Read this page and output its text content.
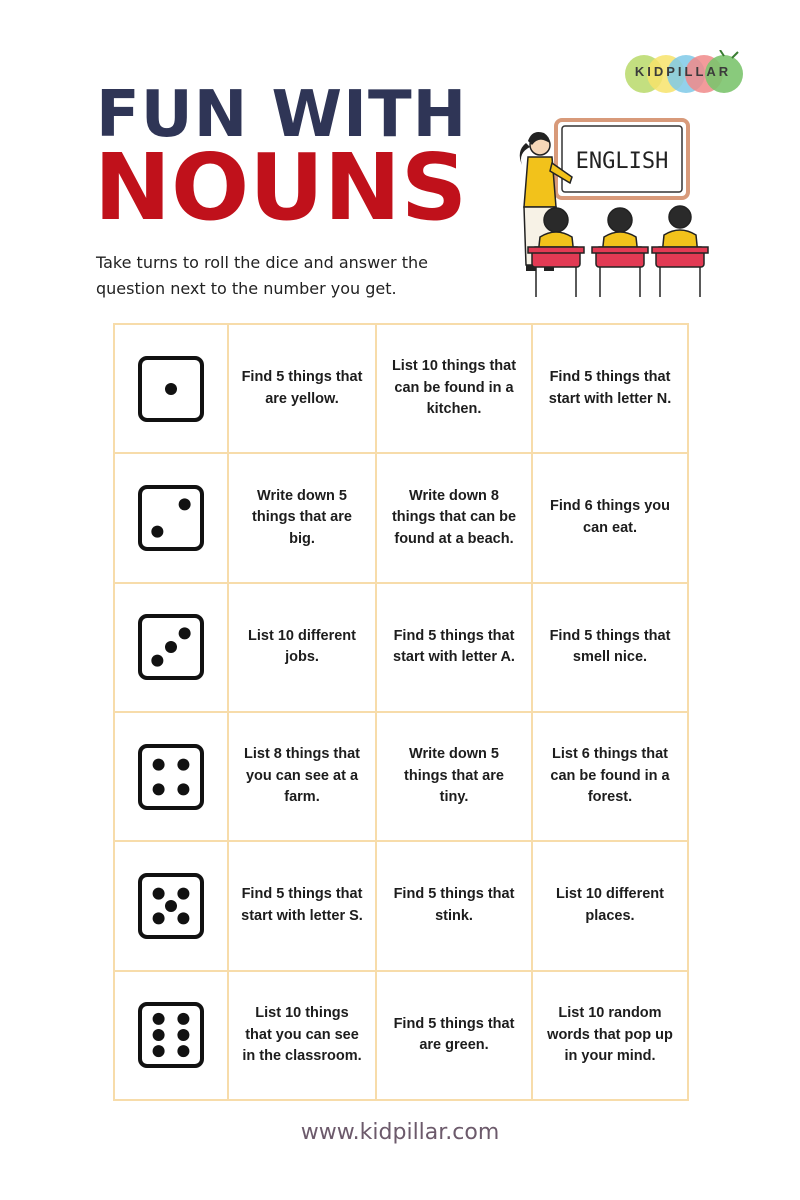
KIDPILLAR
FUN WITH
NOUNS
Take turns to roll the dice and answer the question next to the number you get.
ENGLISH
	Find 5 things that are yellow.	List 10 things that can be found in a kitchen.	Find 5 things that start with letter N.

	Write down 5 things that are big.	Write down 8 things that can be found at a beach.	Find 6 things you can eat.

	List 10 different jobs.	Find 5 things that start with letter A.	Find 5 things that smell nice.

	List 8 things that you can see at a farm.	Write down 5 things that are tiny.	List 6 things that can be found in a forest.

	Find 5 things that start with letter S.	Find 5 things that stink.	List 10 different places.

	List 10 things that you can see in the classroom.	Find 5 things that are green.	List 10 random words that pop up in your mind.
www.kidpillar.com
